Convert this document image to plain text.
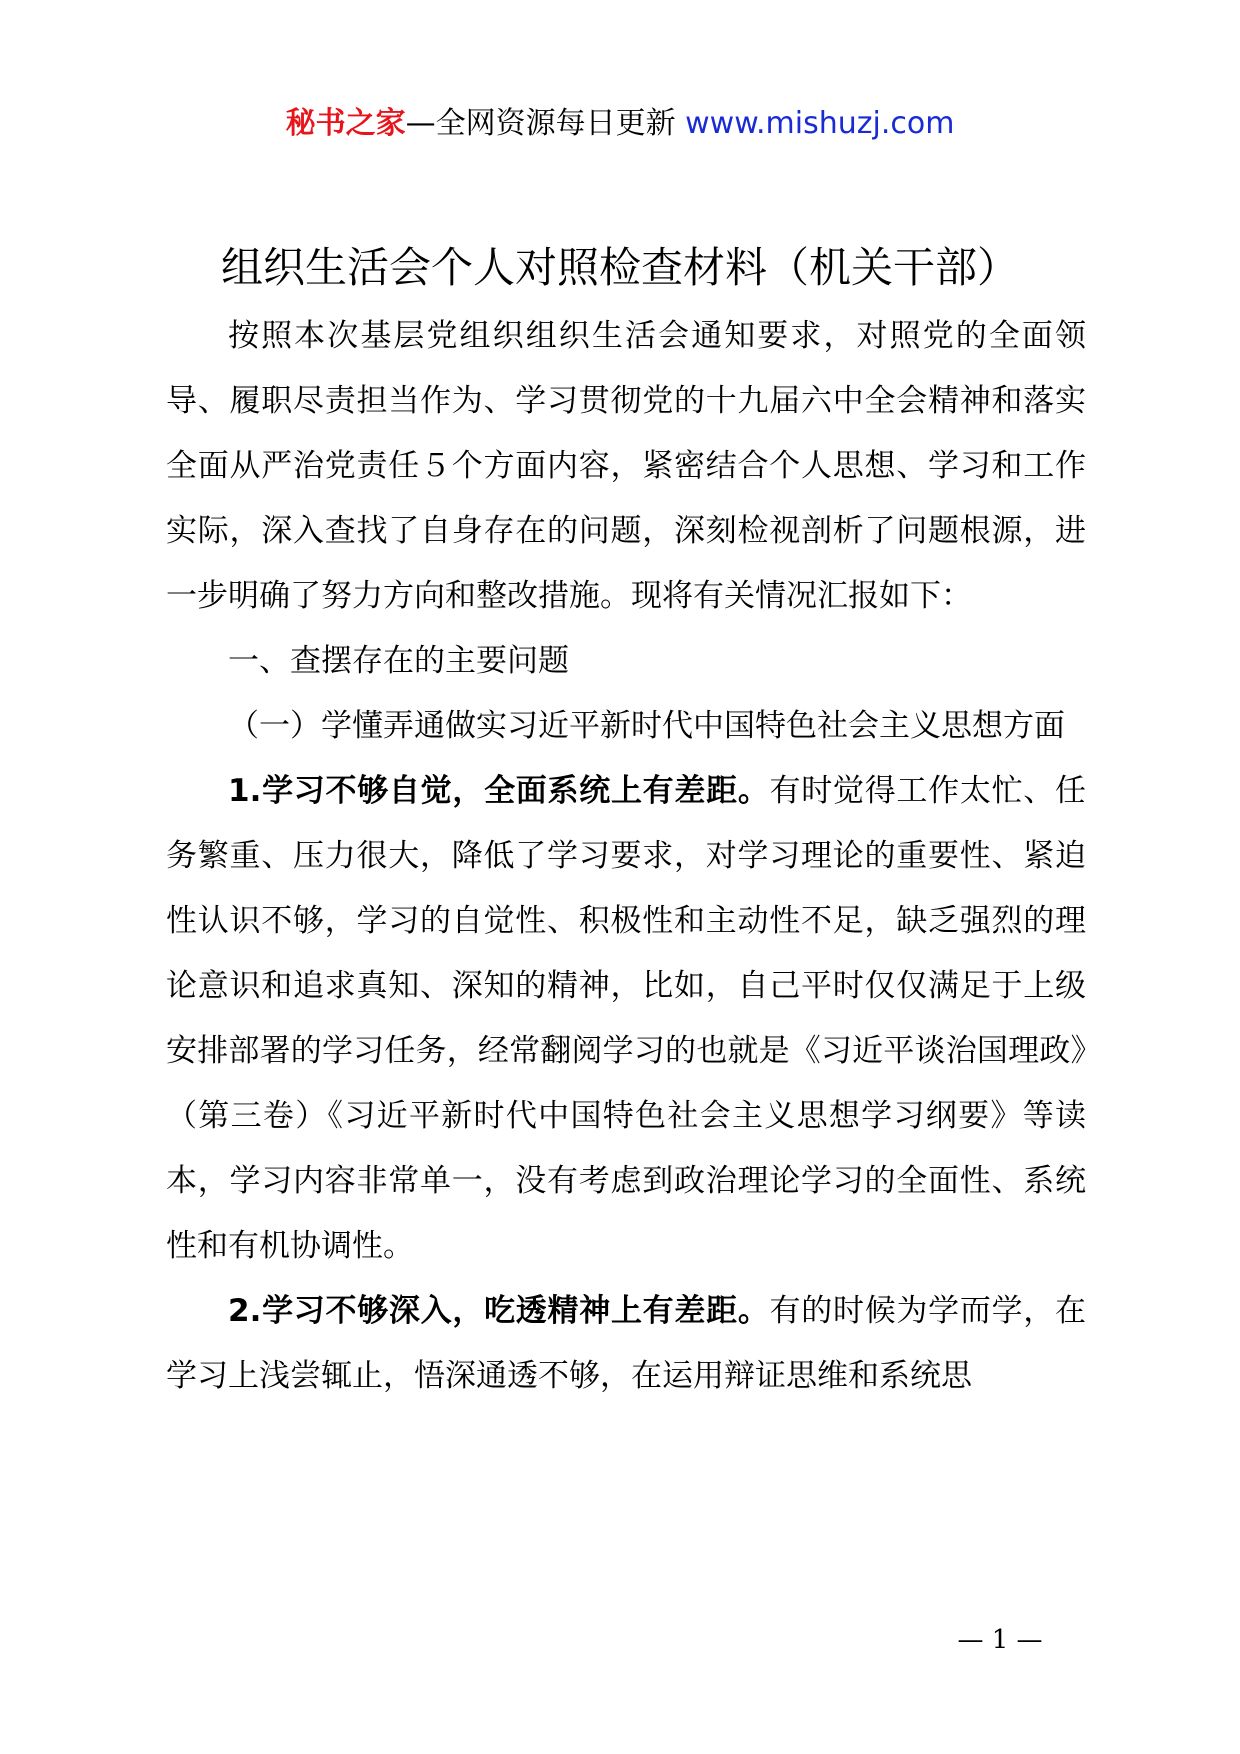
秘书之家—全网资源每日更新 www.mishuzj.com
组织生活会个人对照检查材料（机关干部）

按照本次基层党组织组织生活会通知要求，对照党的全面领导、履职尽责担当作为、学习贯彻党的十九届六中全会精神和落实全面从严治党责任５个方面内容，紧密结合个人思想、学习和工作实际，深入查找了自身存在的问题，深刻检视剖析了问题根源，进一步明确了努力方向和整改措施。现将有关情况汇报如下：

一、查摆存在的主要问题

（一）学懂弄通做实习近平新时代中国特色社会主义思想方面

1.学习不够自觉，全面系统上有差距。有时觉得工作太忙、任务繁重、压力很大，降低了学习要求，对学习理论的重要性、紧迫性认识不够，学习的自觉性、积极性和主动性不足，缺乏强烈的理论意识和追求真知、深知的精神，比如，自己平时仅仅满足于上级安排部署的学习任务，经常翻阅学习的也就是《习近平谈治国理政》（第三卷）《习近平新时代中国特色社会主义思想学习纲要》等读本，学习内容非常单一，没有考虑到政治理论学习的全面性、系统性和有机协调性。

2.学习不够深入，吃透精神上有差距。有的时候为学而学，在学习上浅尝辄止，悟深通透不够，在运用辩证思维和系统思

— 1 —
